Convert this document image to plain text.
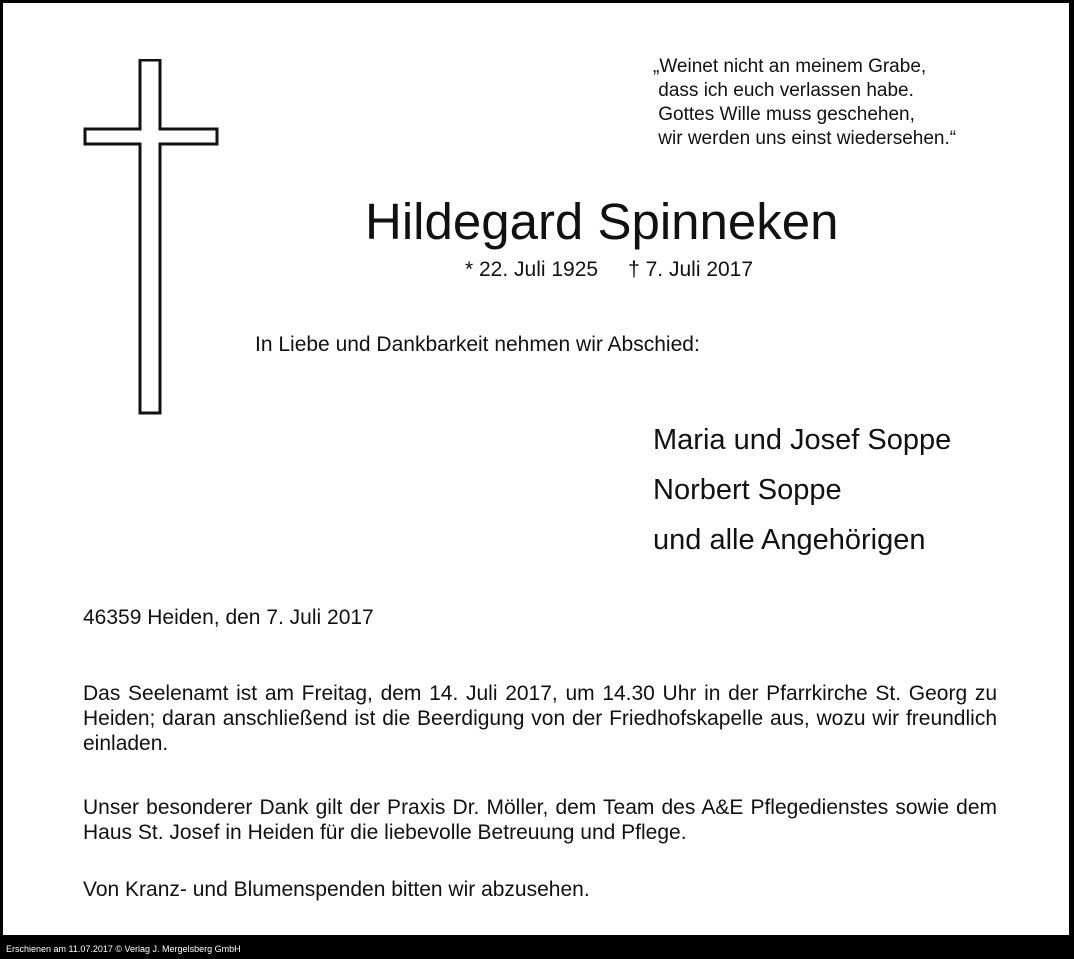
„Weinet nicht an meinem Grabe,
dass ich euch verlassen habe.
Gottes Wille muss geschehen,
wir werden uns einst wiedersehen.“
Hildegard Spinneken
* 22. Juli 1925 † 7. Juli 2017
In Liebe und Dankbarkeit nehmen wir Abschied:
Maria und Josef Soppe
Norbert Soppe
und alle Angehörigen
46359 Heiden, den 7. Juli 2017
Das Seelenamt ist am Freitag, dem 14. Juli 2017, um 14.30 Uhr in der Pfarrkirche St. Georg zu Heiden; daran anschließend ist die Beerdigung von der Friedhofskapelle aus, wozu wir freundlich einladen.
Unser besonderer Dank gilt der Praxis Dr. Möller, dem Team des A&E Pflegedienstes sowie dem Haus St. Josef in Heiden für die liebevolle Betreuung und Pflege.
Von Kranz- und Blumenspenden bitten wir abzusehen.
Erschienen am 11.07.2017 © Verlag J. Mergelsberg GmbH
